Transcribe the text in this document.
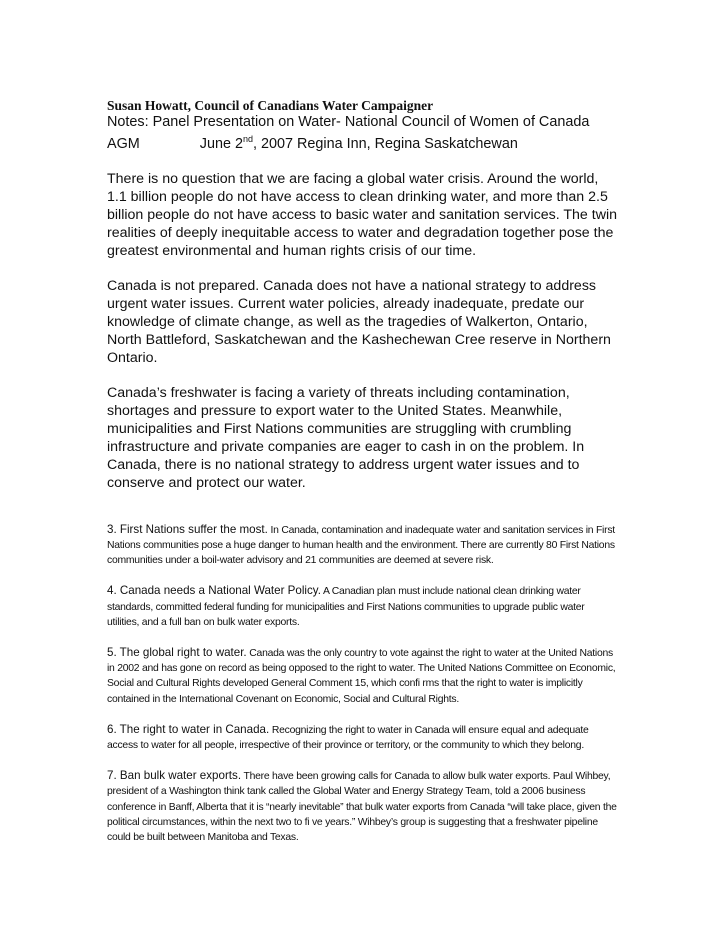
Susan Howatt, Council of Canadians Water Campaigner

Notes: Panel Presentation on Water- National Council of Women of Canada

AGM	June 2nd, 2007 Regina Inn, Regina Saskatchewan

There is no question that we are facing a global water crisis. Around the world, 1.1 billion people do not have access to clean drinking water, and more than 2.5 billion people do not have access to basic water and sanitation services. The twin realities of deeply inequitable access to water and degradation together pose the greatest environmental and human rights crisis of our time.

Canada is not prepared. Canada does not have a national strategy to address urgent water issues. Current water policies, already inadequate, predate our knowledge of climate change, as well as the tragedies of Walkerton, Ontario, North Battleford, Saskatchewan and the Kashechewan Cree reserve in Northern Ontario.

Canada’s freshwater is facing a variety of threats including contamination, shortages and pressure to export water to the United States. Meanwhile, municipalities and First Nations communities are struggling with crumbling infrastructure and private companies are eager to cash in on the problem. In Canada, there is no national strategy to address urgent water issues and to conserve and protect our water.

3. First Nations suffer the most. In Canada, contamination and inadequate water and sanitation services in First Nations communities pose a huge danger to human health and the environment. There are currently 80 First Nations communities under a boil-water advisory and 21 communities are deemed at severe risk.

4. Canada needs a National Water Policy. A Canadian plan must include national clean drinking water standards, committed federal funding for municipalities and First Nations communities to upgrade public water utilities, and a full ban on bulk water exports.

5. The global right to water. Canada was the only country to vote against the right to water at the United Nations in 2002 and has gone on record as being opposed to the right to water. The United Nations Committee on Economic, Social and Cultural Rights developed General Comment 15, which confi rms that the right to water is implicitly contained in the International Covenant on Economic, Social and Cultural Rights.

6. The right to water in Canada. Recognizing the right to water in Canada will ensure equal and adequate access to water for all people, irrespective of their province or territory, or the community to which they belong.

7. Ban bulk water exports. There have been growing calls for Canada to allow bulk water exports. Paul Wihbey, president of a Washington think tank called the Global Water and Energy Strategy Team, told a 2006 business conference in Banff, Alberta that it is “nearly inevitable” that bulk water exports from Canada “will take place, given the political circumstances, within the next two to fi ve years.” Wihbey’s group is suggesting that a freshwater pipeline could be built between Manitoba and Texas.
